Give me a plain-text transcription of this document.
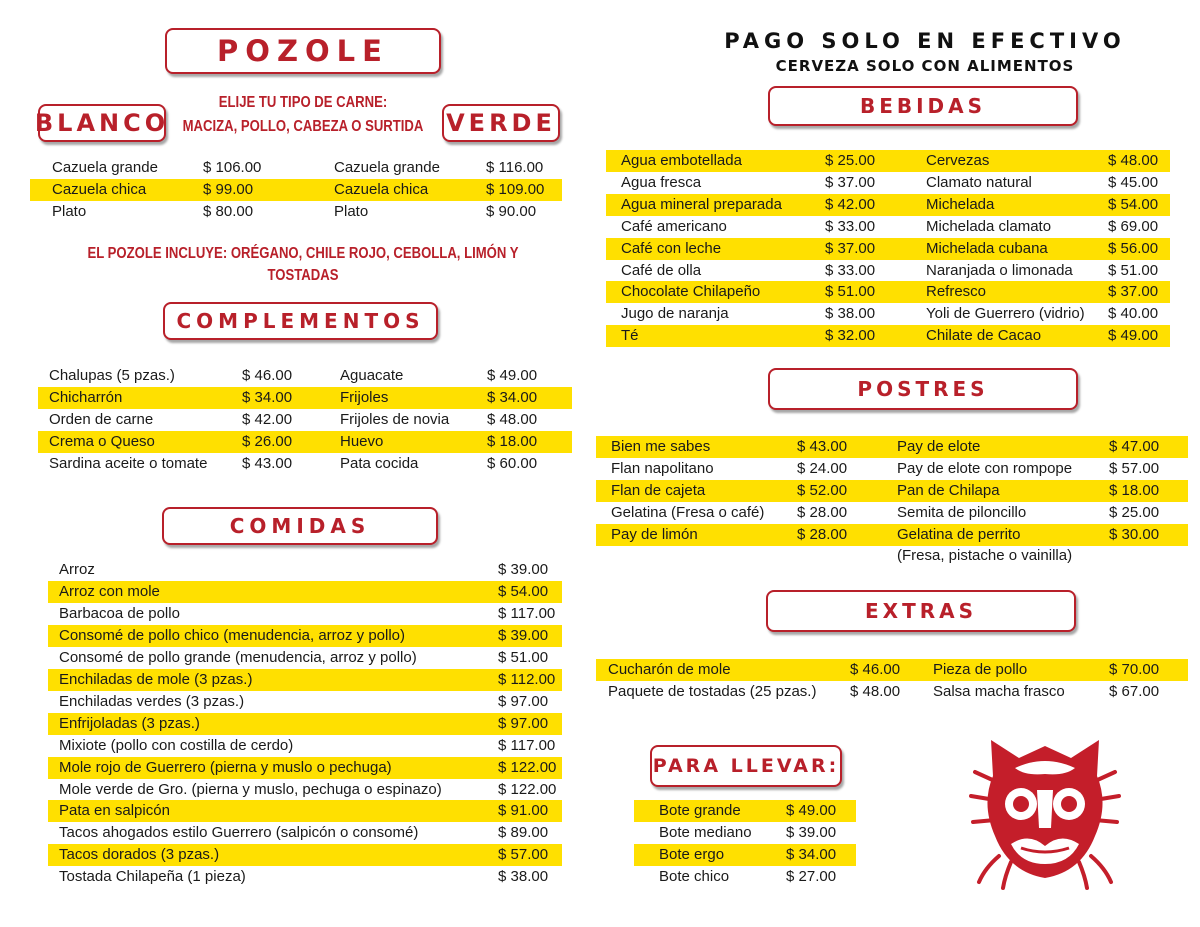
POZOLE
BLANCO	VERDE
ELIJE TU TIPO DE CARNE:
MACIZA, POLLO, CABEZA O SURTIDA
Cazuela grande	$ 106.00	Cazuela grande	$ 116.00
Cazuela chica	$ 99.00	Cazuela chica	$ 109.00
Plato	$ 80.00	Plato	$ 90.00
EL POZOLE INCLUYE: ORÉGANO, CHILE ROJO, CEBOLLA, LIMÓN Y TOSTADAS
COMPLEMENTOS
Chalupas (5 pzas.)	$ 46.00	Aguacate	$ 49.00
Chicharrón	$ 34.00	Frijoles	$ 34.00
Orden de carne	$ 42.00	Frijoles de novia	$ 48.00
Crema o Queso	$ 26.00	Huevo	$ 18.00
Sardina aceite o tomate $ 43.00	Pata cocida	$ 60.00
COMIDAS
Arroz	$ 39.00
Arroz con mole	$ 54.00
Barbacoa de pollo	$ 117.00
Consomé de pollo chico (menudencia, arroz y pollo)	$ 39.00
Consomé de pollo grande (menudencia, arroz y pollo)	$ 51.00
Enchiladas de mole (3 pzas.)	$ 112.00
Enchiladas verdes (3 pzas.)	$ 97.00
Enfrijoladas (3 pzas.)	$ 97.00
Mixiote (pollo con costilla de cerdo)	$ 117.00
Mole rojo de Guerrero (pierna y muslo o pechuga)	$ 122.00
Mole verde de Gro. (pierna y muslo, pechuga o espinazo)	$ 122.00
Pata en salpicón	$ 91.00
Tacos ahogados estilo Guerrero (salpicón o consomé)	$ 89.00
Tacos dorados (3 pzas.)	$ 57.00
Tostada Chilapeña (1 pieza)	$ 38.00
PAGO SOLO EN EFECTIVO
CERVEZA SOLO CON ALIMENTOS
BEBIDAS
Agua embotellada	$ 25.00	Cervezas	$ 48.00
Agua fresca	$ 37.00	Clamato natural	$ 45.00
Agua mineral preparada	$ 42.00	Michelada	$ 54.00
Café americano	$ 33.00	Michelada clamato	$ 69.00
Café con leche	$ 37.00	Michelada cubana	$ 56.00
Café de olla	$ 33.00	Naranjada o limonada $ 51.00
Chocolate Chilapeño	$ 51.00	Refresco	$ 37.00
Jugo de naranja	$ 38.00	Yoli de Guerrero (vidrio) $ 40.00
Té	$ 32.00	Chilate de Cacao	$ 49.00
POSTRES
Bien me sabes	$ 43.00	Pay de elote	$ 47.00
Flan napolitano	$ 24.00	Pay de elote con rompope $ 57.00
Flan de cajeta	$ 52.00	Pan de Chilapa	$ 18.00
Gelatina (Fresa o café) $ 28.00	Semita de piloncillo	$ 25.00
Pay de limón	$ 28.00	Gelatina de perrito	$ 30.00
(Fresa, pistache o vainilla)
EXTRAS
Cucharón de mole	$ 46.00 Pieza de pollo	$ 70.00
Paquete de tostadas (25 pzas.) $ 48.00 Salsa macha frasco	$ 67.00
PARA LLEVAR:
Bote grande	$ 49.00
Bote mediano $ 39.00
Bote ergo	$ 34.00
Bote chico	$ 27.00
